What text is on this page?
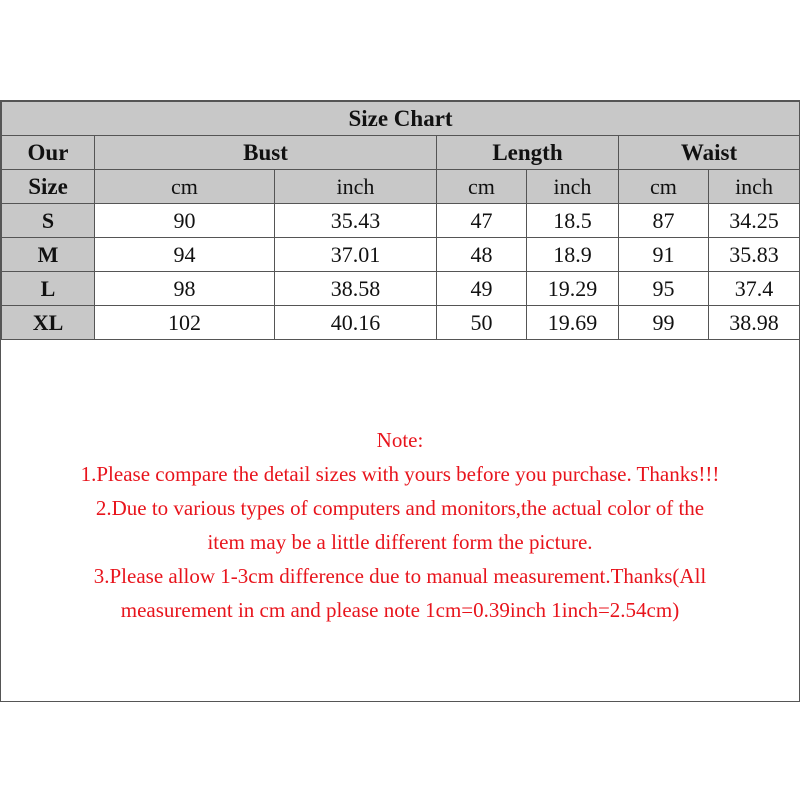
Size Chart						
Our	Bust		Length		Waist	
Size	cm	inch	cm	inch	cm	inch
S	90	35.43	47	18.5	87	34.25
M	94	37.01	48	18.9	91	35.83
L	98	38.58	49	19.29	95	37.4
XL	102	40.16	50	19.69	99	38.98
Note:
1.Please compare the detail sizes with yours before you purchase. Thanks!!!
2.Due to various types of computers and monitors,the actual color of the
item may be a little different form the picture.
3.Please allow 1-3cm difference due to manual measurement.Thanks(All
measurement in cm and please note 1cm=0.39inch 1inch=2.54cm)
